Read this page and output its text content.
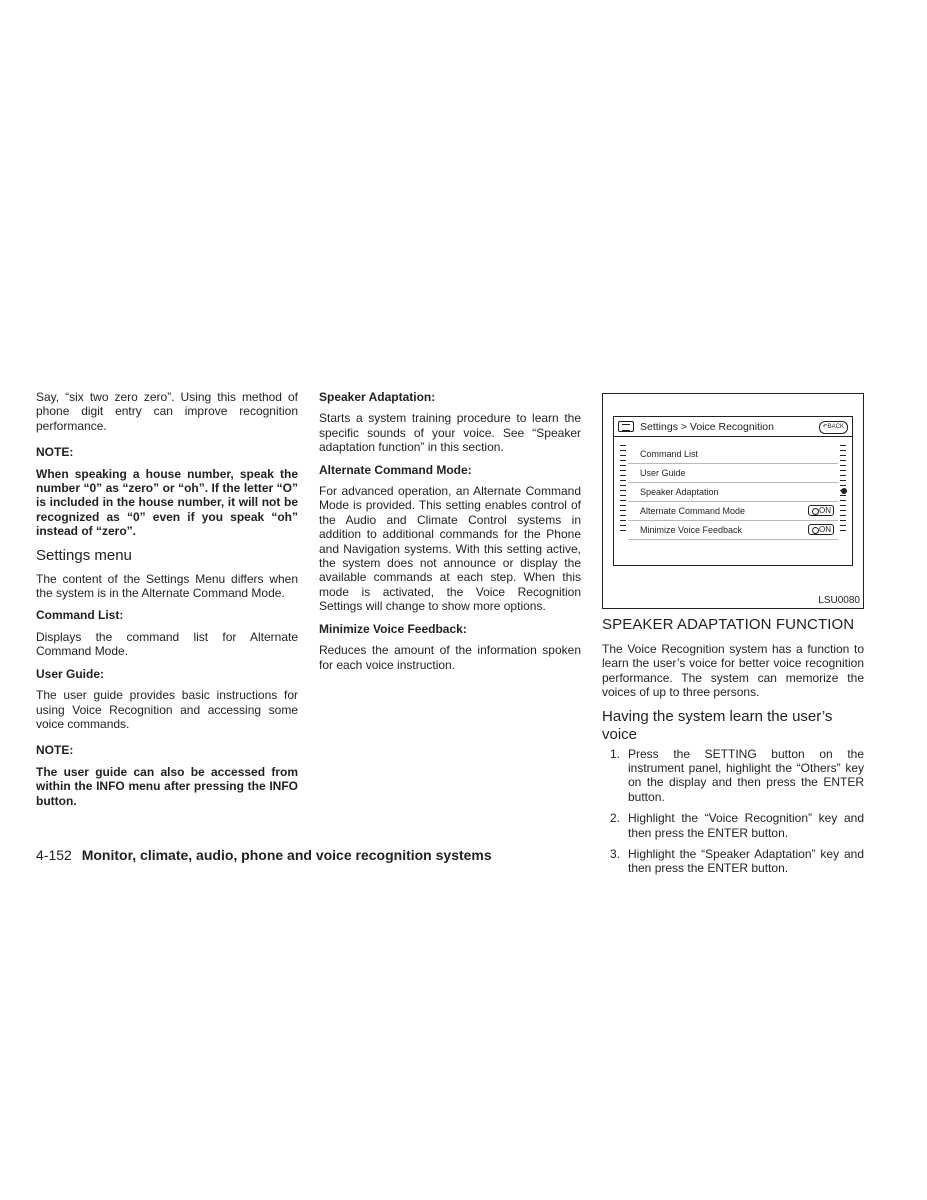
Say, “six two zero zero”. Using this method of phone digit entry can improve recognition performance.

NOTE:

When speaking a house number, speak the number “0” as “zero” or “oh”. If the letter “O” is included in the house number, it will not be recognized as “0” even if you speak “oh” instead of “zero”.

Settings menu

The content of the Settings Menu differs when the system is in the Alternate Command Mode.

Command List:

Displays the command list for Alternate Command Mode.

User Guide:

The user guide provides basic instructions for using Voice Recognition and accessing some voice commands.

NOTE:

The user guide can also be accessed from within the INFO menu after pressing the INFO button.

Speaker Adaptation:

Starts a system training procedure to learn the specific sounds of your voice. See “Speaker adaptation function” in this section.

Alternate Command Mode:

For advanced operation, an Alternate Command Mode is provided. This setting enables control of the Audio and Climate Control systems in addition to additional commands for the Phone and Navigation systems. With this setting active, the system does not announce or display the available commands at each step. When this mode is activated, the Voice Recognition Settings will change to show more options.

Minimize Voice Feedback:

Reduces the amount of the information spoken for each voice instruction.

Settings > Voice Recognition	↶BACK
Command List
User Guide
Speaker Adaptation
Alternate Command Mode	ON
Minimize Voice Feedback	ON
LSU0080

SPEAKER ADAPTATION FUNCTION

The Voice Recognition system has a function to learn the user’s voice for better voice recognition performance. The system can memorize the voices of up to three persons.

Having the system learn the user’s voice

1. Press the SETTING button on the instrument panel, highlight the “Others” key on the display and then press the ENTER button.
2. Highlight the “Voice Recognition” key and then press the ENTER button.
3. Highlight the “Speaker Adaptation” key and then press the ENTER button.
4-152 Monitor, climate, audio, phone and voice recognition systems
